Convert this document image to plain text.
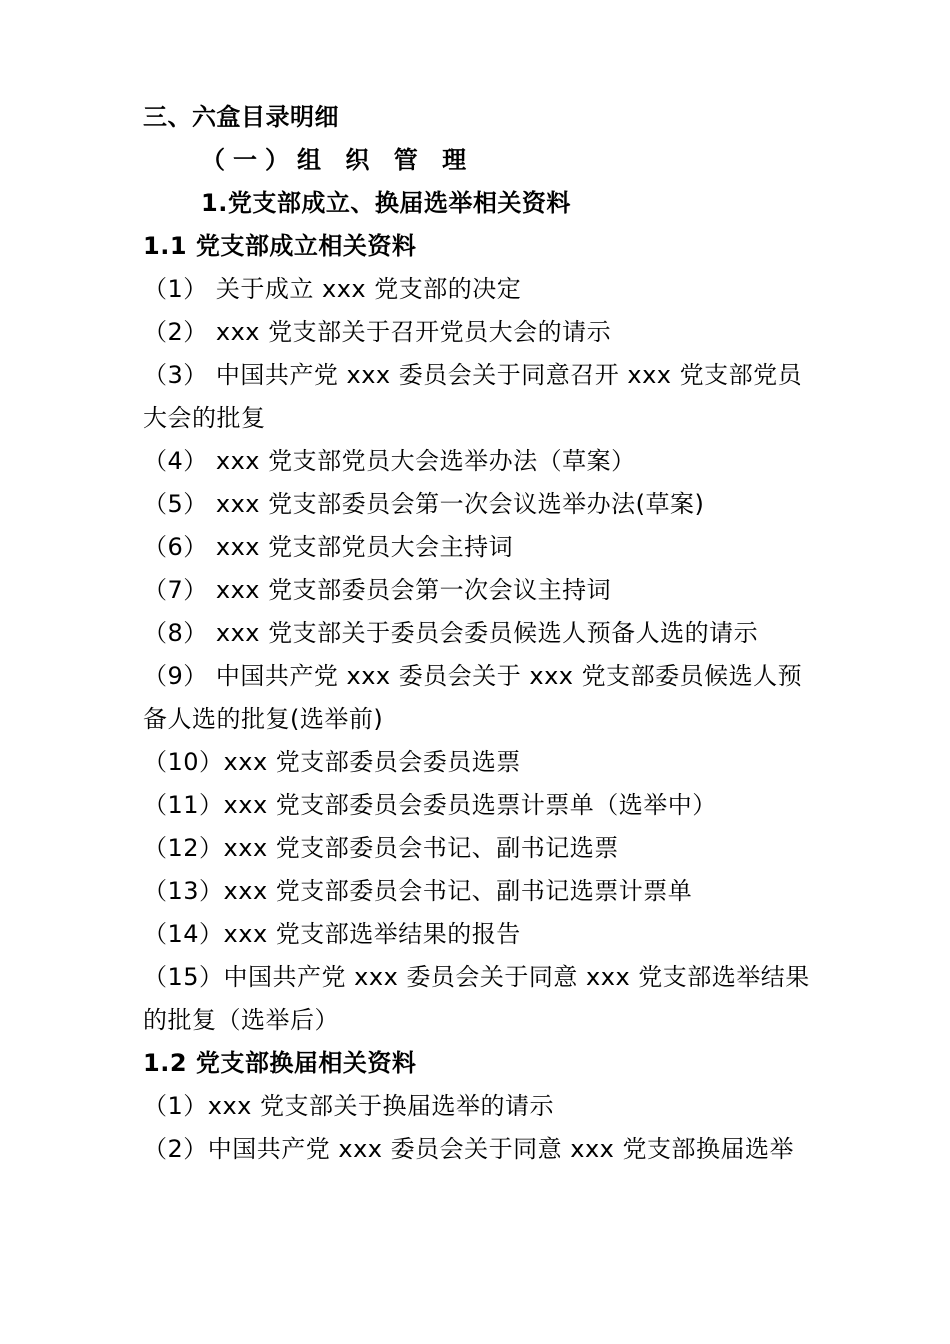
三、六盒目录明细
（一）组 织 管 理
1.党支部成立、换届选举相关资料
1.1 党支部成立相关资料
（1） 关于成立 xxx 党支部的决定
（2） xxx 党支部关于召开党员大会的请示
（3） 中国共产党 xxx 委员会关于同意召开 xxx 党支部党员
大会的批复
（4） xxx 党支部党员大会选举办法（草案）
（5） xxx 党支部委员会第一次会议选举办法(草案)
（6） xxx 党支部党员大会主持词
（7） xxx 党支部委员会第一次会议主持词
（8） xxx 党支部关于委员会委员候选人预备人选的请示
（9） 中国共产党 xxx 委员会关于 xxx 党支部委员候选人预
备人选的批复(选举前)
（10）xxx 党支部委员会委员选票
（11）xxx 党支部委员会委员选票计票单（选举中）
（12）xxx 党支部委员会书记、副书记选票
（13）xxx 党支部委员会书记、副书记选票计票单
（14）xxx 党支部选举结果的报告
（15）中国共产党 xxx 委员会关于同意 xxx 党支部选举结果
的批复（选举后）
1.2 党支部换届相关资料
（1）xxx 党支部关于换届选举的请示
（2）中国共产党 xxx 委员会关于同意 xxx 党支部换届选举
